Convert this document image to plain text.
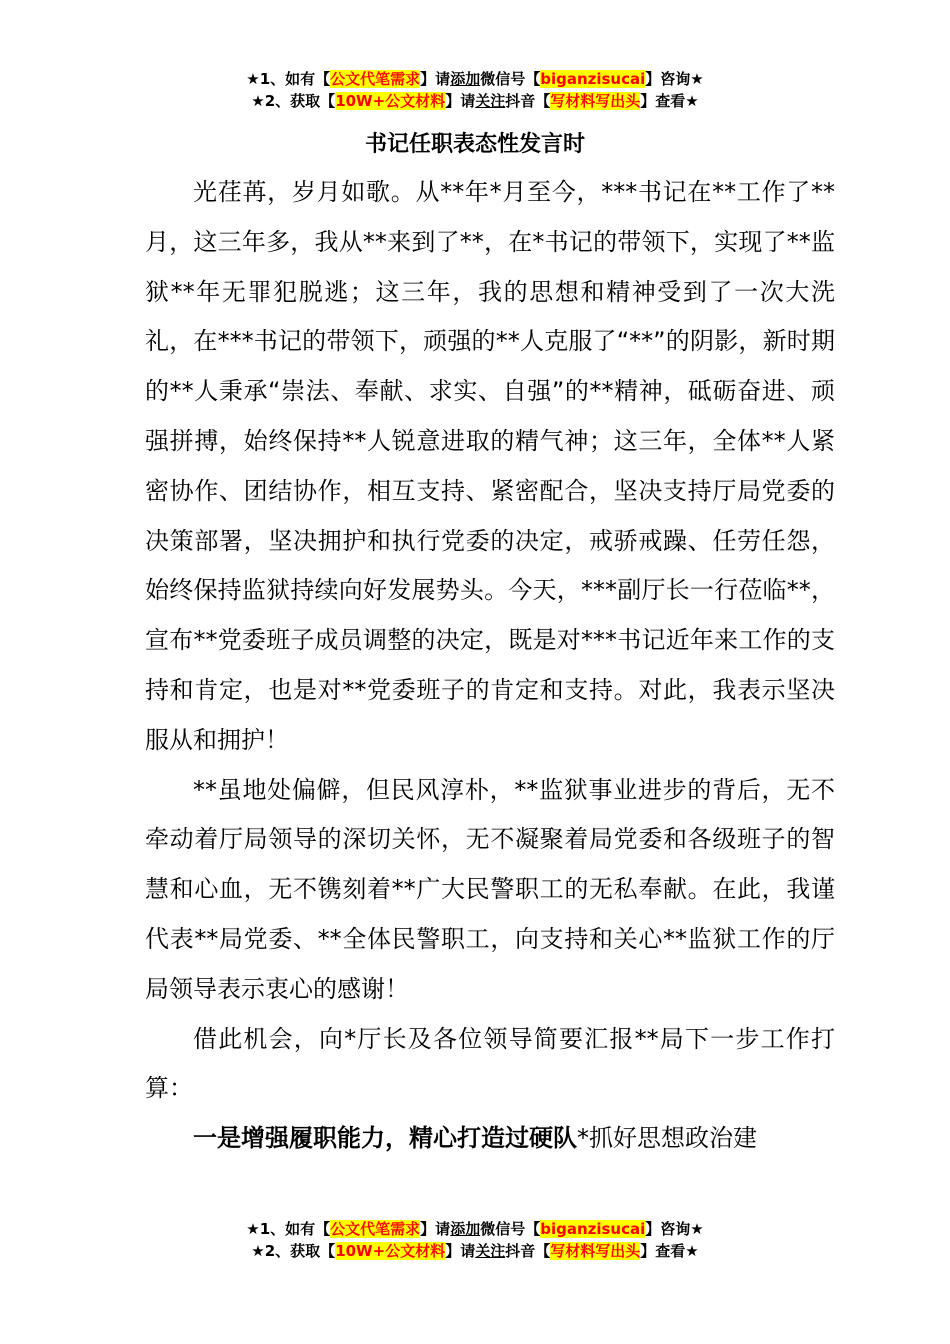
★1、如有【公文代笔需求】请添加微信号【biganzisucai】咨询★
★2、获取【10W+公文材料】请关注抖音【写材料写出头】查看★
书记任职表态性发言时

光荏苒，岁月如歌。从**年*月至今，***书记在**工作了**月，这三年多，我从**来到了**，在*书记的带领下，实现了**监狱**年无罪犯脱逃；这三年，我的思想和精神受到了一次大洗礼，在***书记的带领下，顽强的**人克服了“**”的阴影，新时期的**人秉承“崇法、奉献、求实、自强”的**精神，砥砺奋进、顽强拼搏，始终保持**人锐意进取的精气神；这三年，全体**人紧密协作、团结协作，相互支持、紧密配合，坚决支持厅局党委的决策部署，坚决拥护和执行党委的决定，戒骄戒躁、任劳任怨，始终保持监狱持续向好发展势头。今天，***副厅长一行莅临**，宣布**党委班子成员调整的决定，既是对***书记近年来工作的支持和肯定，也是对**党委班子的肯定和支持。对此，我表示坚决服从和拥护！

**虽地处偏僻，但民风淳朴，**监狱事业进步的背后，无不牵动着厅局领导的深切关怀，无不凝聚着局党委和各级班子的智慧和心血，无不镌刻着**广大民警职工的无私奉献。在此，我谨代表**局党委、**全体民警职工，向支持和关心**监狱工作的厅局领导表示衷心的感谢！

借此机会，向*厅长及各位领导简要汇报**局下一步工作打算：

一是增强履职能力，精心打造过硬队*抓好思想政治建

★1、如有【公文代笔需求】请添加微信号【biganzisucai】咨询★
★2、获取【10W+公文材料】请关注抖音【写材料写出头】查看★
